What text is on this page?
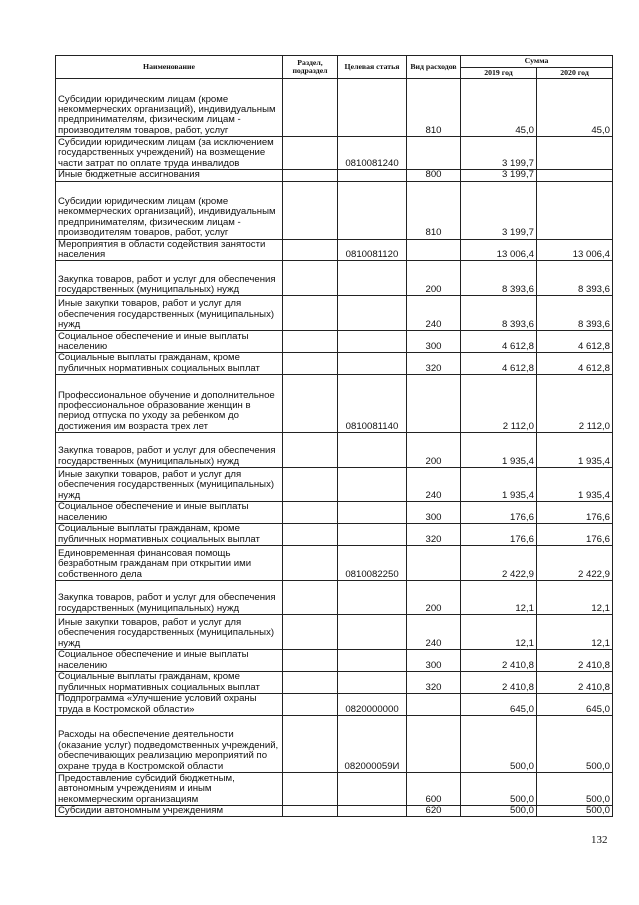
Наименование	Раздел, подраздел	Целевая статья	Вид расходов	Сумма	
				2019 год	2020 год
Субсидии юридическим лицам (кроме некоммерческих организаций), индивидуальным предпринимателям, физическим лицам - производителям товаров, работ, услуг			810	45,0	45,0
Субсидии юридическим лицам (за исключением государственных учреждений) на возмещение части затрат по оплате труда инвалидов		0810081240		3 199,7	
Иные бюджетные ассигнования			800	3 199,7	
Субсидии юридическим лицам (кроме некоммерческих организаций), индивидуальным предпринимателям, физическим лицам - производителям товаров, работ, услуг			810	3 199,7	
Мероприятия в области содействия занятости населения		0810081120		13 006,4	13 006,4
Закупка товаров, работ и услуг для обеспечения государственных (муниципальных) нужд			200	8 393,6	8 393,6
Иные закупки товаров, работ и услуг для обеспечения государственных (муниципальных) нужд			240	8 393,6	8 393,6
Социальное обеспечение и иные выплаты населению			300	4 612,8	4 612,8
Социальные выплаты гражданам, кроме публичных нормативных социальных выплат			320	4 612,8	4 612,8
Профессиональное обучение и дополнительное профессиональное образование женщин в период отпуска по уходу за ребенком до достижения им возраста трех лет		0810081140		2 112,0	2 112,0
Закупка товаров, работ и услуг для обеспечения государственных (муниципальных) нужд			200	1 935,4	1 935,4
Иные закупки товаров, работ и услуг для обеспечения государственных (муниципальных) нужд			240	1 935,4	1 935,4
Социальное обеспечение и иные выплаты населению			300	176,6	176,6
Социальные выплаты гражданам, кроме публичных нормативных социальных выплат			320	176,6	176,6
Единовременная финансовая помощь безработным гражданам при открытии ими собственного дела		0810082250		2 422,9	2 422,9
Закупка товаров, работ и услуг для обеспечения государственных (муниципальных) нужд			200	12,1	12,1
Иные закупки товаров, работ и услуг для обеспечения государственных (муниципальных) нужд			240	12,1	12,1
Социальное обеспечение и иные выплаты населению			300	2 410,8	2 410,8
Социальные выплаты гражданам, кроме публичных нормативных социальных выплат			320	2 410,8	2 410,8
Подпрограмма «Улучшение условий охраны труда в Костромской области»		0820000000		645,0	645,0
Расходы на обеспечение деятельности (оказание услуг) подведомственных учреждений, обеспечивающих реализацию мероприятий по охране труда в Костромской области		082000059И		500,0	500,0
Предоставление субсидий бюджетным, автономным учреждениям и иным некоммерческим организациям			600	500,0	500,0
Субсидии автономным учреждениям			620	500,0	500,0
132
